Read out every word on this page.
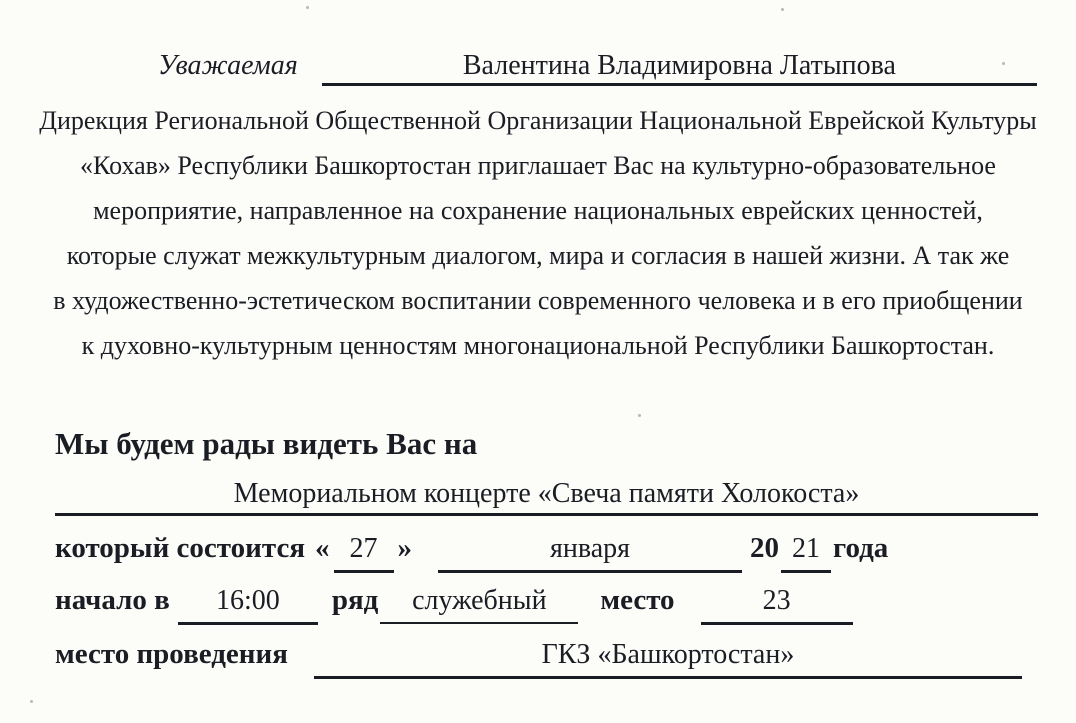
Уважаемая	Валентина Владимировна Латыпова
Дирекция Региональной Общественной Организации Национальной Еврейской Культуры
«Кохав» Республики Башкортостан приглашает Вас на культурно-образовательное
мероприятие, направленное на сохранение национальных еврейских ценностей,
которые служат межкультурным диалогом, мира и согласия в нашей жизни. А так же
в художественно-эстетическом воспитании современного человека и в его приобщении
к духовно-культурным ценностям многонациональной Республики Башкортостан.
Мы будем рады видеть Вас на
Мемориальном концерте «Свеча памяти Холокоста»
который состоится « 27 »	января	20 21 года
начало в	16:00	ряд	служебный	место	23
место проведения	ГКЗ «Башкортостан»
